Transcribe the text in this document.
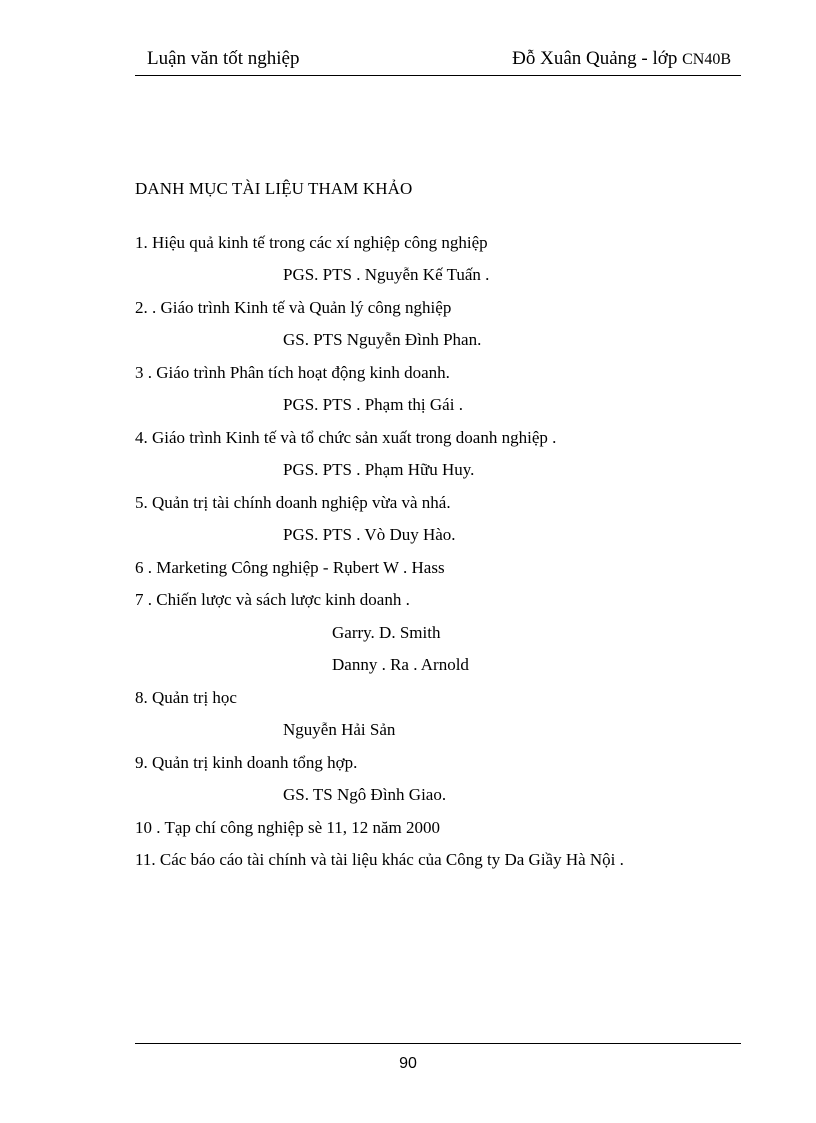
Luận văn tốt nghiệp	Đỗ Xuân Quảng - lớp CN40B
DANH MỤC TÀI LIỆU THAM KHẢO
1. Hiệu quả kinh tế trong các xí nghiệp công nghiệp
PGS. PTS . Nguyễn Kế Tuấn .
2. . Giáo trình Kinh tế và Quản lý công nghiệp
GS. PTS Nguyễn Đình Phan.
3 . Giáo trình Phân tích hoạt động kinh doanh.
PGS. PTS . Phạm thị Gái .
4. Giáo trình Kinh tế và tổ chức sản xuất trong doanh nghiệp .
PGS. PTS . Phạm Hữu Huy.
5. Quản trị tài chính doanh nghiệp vừa và nhá.
PGS. PTS . Vò Duy Hào.
6 . Marketing Công nghiệp - Rụbert W . Hass
7 . Chiến lược và sách lược kinh doanh .
Garry. D. Smith
Danny . Ra . Arnold
8. Quản trị học
Nguyễn Hải Sản
9. Quản trị kinh doanh tổng hợp.
GS. TS Ngô Đình Giao.
10 . Tạp chí công nghiệp sè 11, 12 năm 2000
11. Các báo cáo tài chính và tài liệu khác của Công ty Da Giầy Hà Nội .
90
